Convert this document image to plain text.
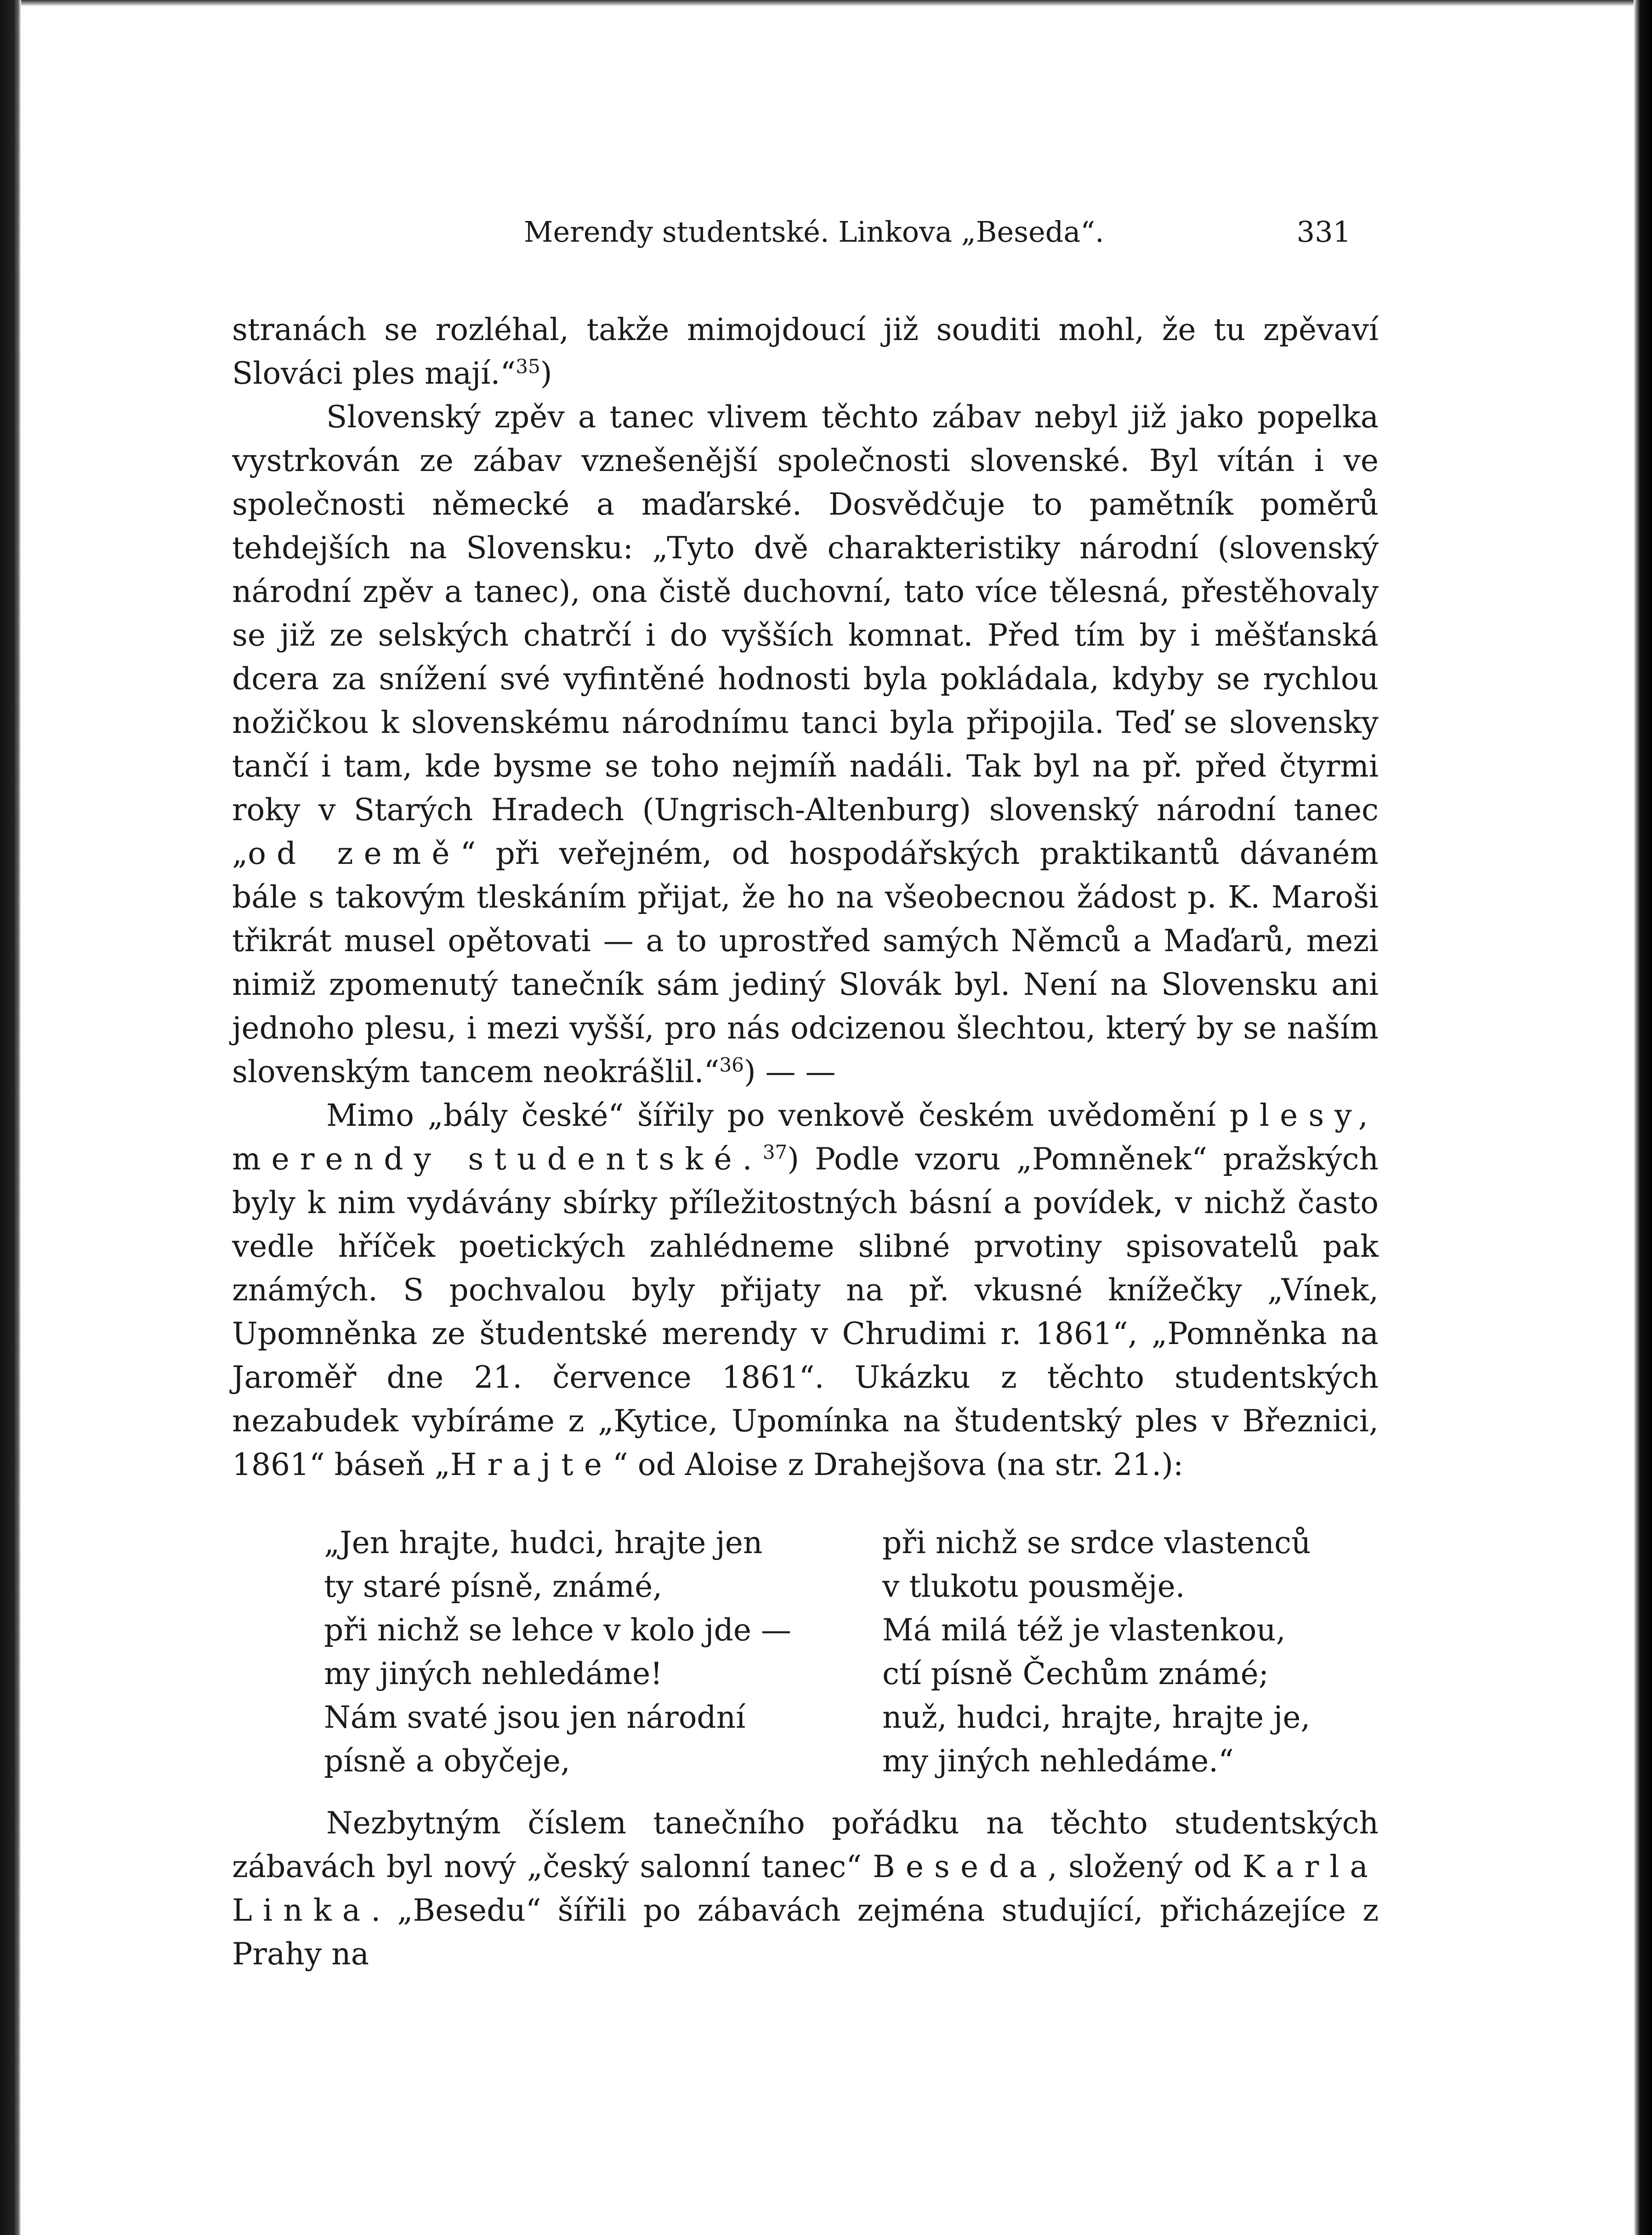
Merendy studentské. Linkova „Beseda“.	331

stranách se rozléhal, takže mimojdoucí již souditi mohl, že tu zpěvaví Slováci ples mají.“$^{35}$)

Slovenský zpěv a tanec vlivem těchto zábav nebyl již jako popelka vystrkován ze zábav vznešenější společnosti slovenské. Byl vítán i ve společnosti německé a maďarské. Dosvědčuje to pamětník poměrů tehdejších na Slovensku: „Tyto dvě charakteristiky národní (slovenský národní zpěv a tanec), ona čistě duchovní, tato více tělesná, přestěhovaly se již ze selských chatrčí i do vyšších komnat. Před tím by i měšťanská dcera za snížení své vyfintěné hodnosti byla pokládala, kdyby se rychlou nožičkou k slovenskému národnímu tanci byla připojila. Teď se slovensky tančí i tam, kde bysme se toho nejmíň nadáli. Tak byl na př. před čtyrmi roky v Starých Hradech (Ungrisch-Altenburg) slovenský národní tanec „od země“ při veřejném, od hospodářských praktikantů dávaném bále s takovým tleskáním přijat, že ho na všeobecnou žádost p. K. Maroši třikrát musel opětovati — a to uprostřed samých Němců a Maďarů, mezi nimiž zpomenutý tanečník sám jediný Slovák byl. Není na Slovensku ani jednoho plesu, i mezi vyšší, pro nás odcizenou šlechtou, který by se naším slovenským tancem neokrášlil.“$^{36}$) — —

Mimo „bály české“ šířily po venkově českém uvědomění plesy, merendy studentské.$^{37}$) Podle vzoru „Pomněnek“ pražských byly k nim vydávány sbírky příležitostných básní a povídek, v nichž často vedle hříček poetických zahlédneme slibné prvotiny spisovatelů pak známých. S pochvalou byly přijaty na př. vkusné knížečky „Vínek, Upomněnka ze študentské merendy v Chrudimi r. 1861“, „Pomněnka na Jaroměř dne 21. července 1861“. Ukázku z těchto studentských nezabudek vybíráme z „Kytice, Upomínka na študentský ples v Březnici, 1861“ báseň „Hrajte“ od Aloise z Drahejšova (na str. 21.):

„Jen hrajte, hudci, hrajte jen
ty staré písně, známé,
při nichž se lehce v kolo jde —
my jiných nehledáme!
Nám svaté jsou jen národní
písně a obyčeje,
při nichž se srdce vlastenců
v tlukotu pousměje.
Má milá též je vlastenkou,
ctí písně Čechům známé;
nuž, hudci, hrajte, hrajte je,
my jiných nehledáme.“

Nezbytným číslem tanečního pořádku na těchto studentských zábavách byl nový „český salonní tanec“ Beseda, složený od Karla Linka. „Besedu“ šířili po zábavách zejména studující, přicházejíce z Prahy na
